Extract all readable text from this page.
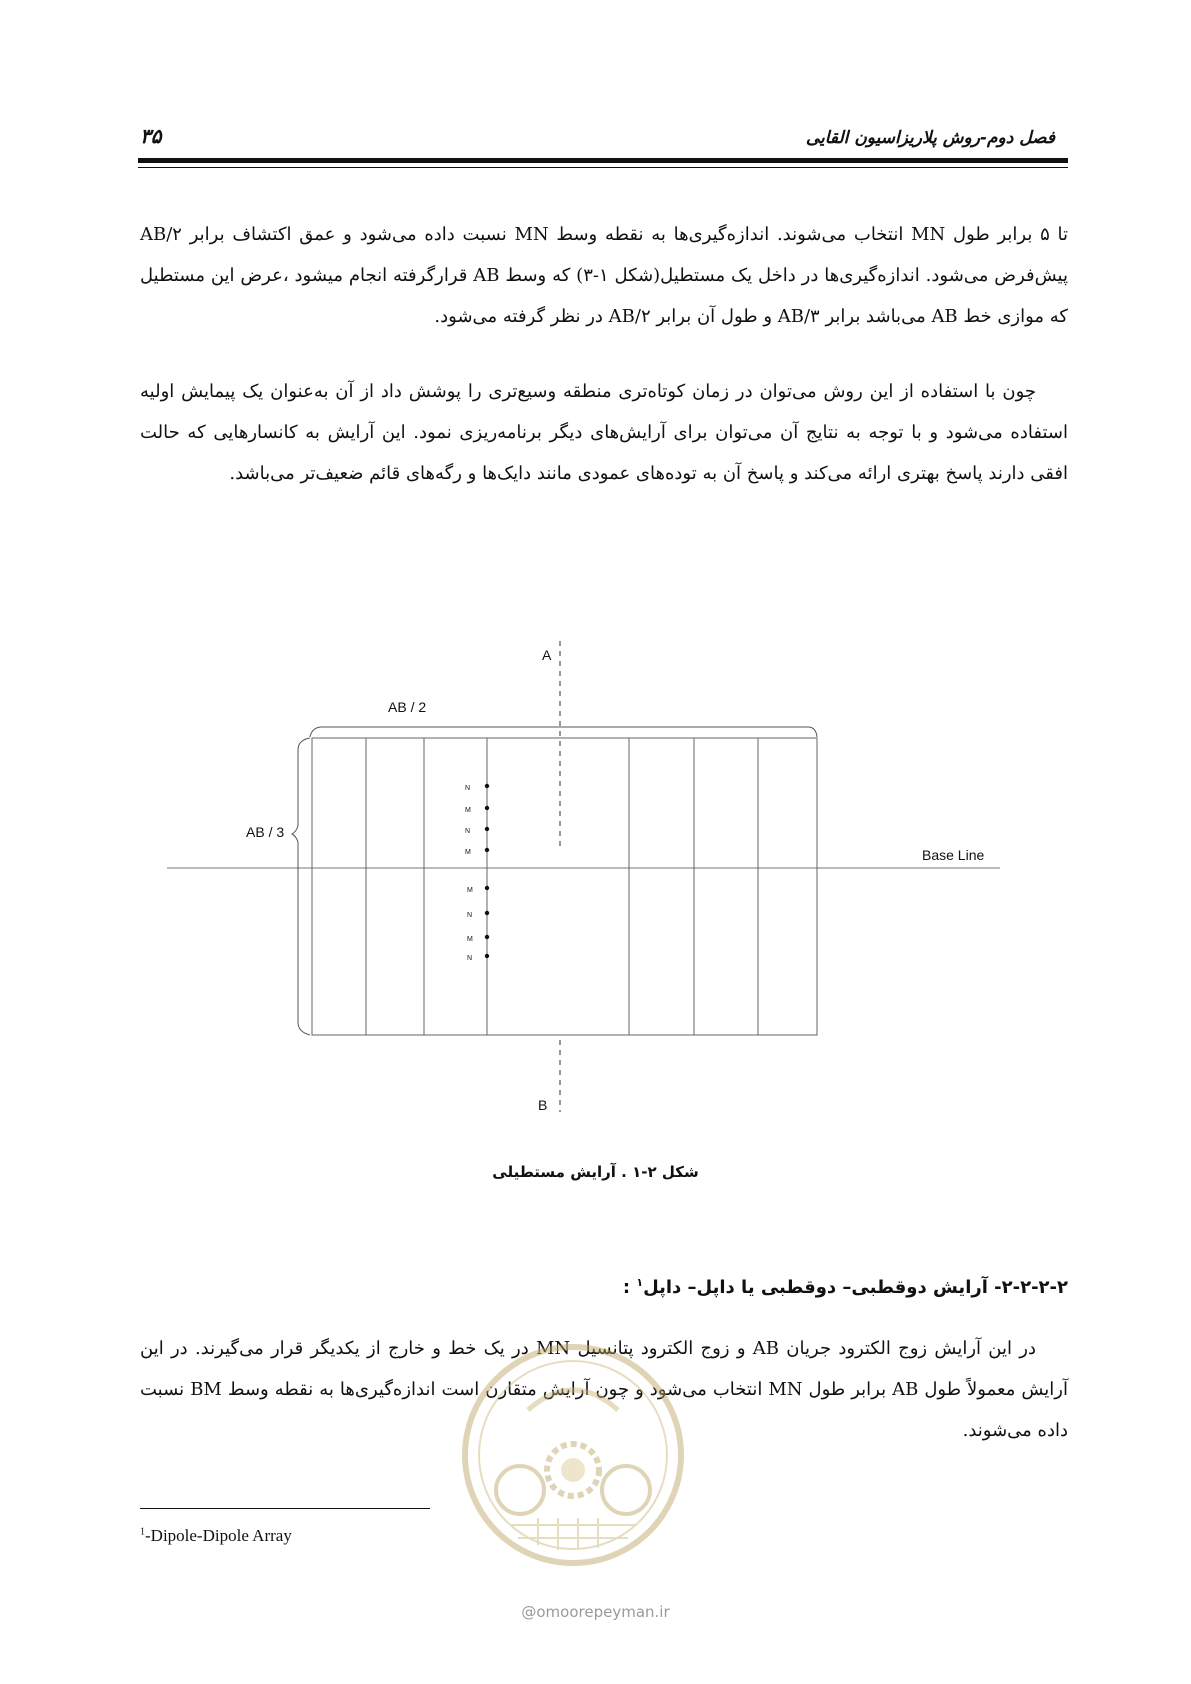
فصل دوم-روش پلاریزاسیون القایی
۳۵
تا ۵ برابر طول MN انتخاب می‌شوند. اندازه‌گیری‌ها به نقطه وسط MN نسبت داده می‌شود و عمق اکتشاف برابر AB/۲ پیش‌فرض می‌شود. اندازه‌گیری‌ها در داخل یک مستطیل(شکل ۱-۳) که وسط AB قرارگرفته انجام میشود ،عرض این مستطیل که موازی خط AB می‌باشد برابر AB/۳ و طول آن برابر AB/۲ در نظر گرفته می‌شود.
چون با استفاده از این روش می‌توان در زمان کوتاه‌تری منطقه وسیع‌تری را پوشش داد از آن به‌عنوان یک پیمایش اولیه استفاده می‌شود و با توجه به نتایج آن می‌توان برای آرایش‌های دیگر برنامه‌ریزی نمود. این آرایش به کانسارهایی که حالت افقی دارند پاسخ بهتری ارائه می‌کند و پاسخ آن به توده‌های عمودی مانند دایک‌ها و رگه‌های قائم ضعیف‌تر می‌باشد.
A
B
Base Line
AB / 2
AB / 3
N
M
N
M
M
N
M
N
شکل ۲-۱ . آرایش مستطیلی
۲-۲-۲-۲- آرایش دوقطبی– دوقطبی یا داپل– داپل$^۱$ :
در این آرایش زوج الکترود جریان AB و زوج الکترود پتانسیل MN در یک خط و خارج از یکدیگر قرار می‌گیرند. در این آرایش معمولاً طول AB برابر طول MN انتخاب می‌شود و چون آرایش متقارن است اندازه‌گیری‌ها به نقطه وسط BM نسبت داده می‌شوند.
@omoorepeyman.ir
$^1$-Dipole-Dipole Array
